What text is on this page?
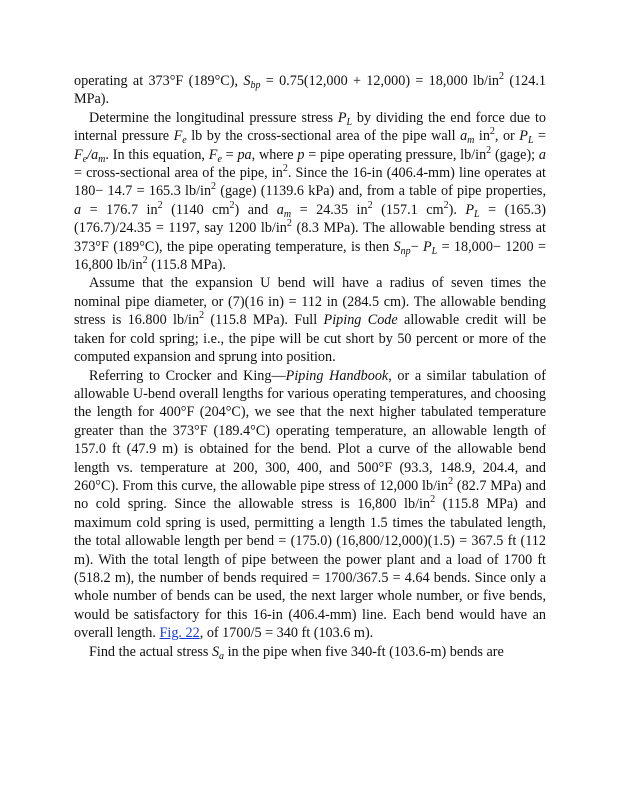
operating at 373°F (189°C), $S_{bp} = 0.75(12,000 + 12,000) = 18,000$ $lb/in^2$ (124.1 MPa).

Determine the longitudinal pressure stress $P_L$ by dividing the end force due to internal pressure $F_e$ lb by the cross-sectional area of the pipe wall $a_m$ $in^2$, or $P_L = F_e/a_m$. In this equation, $F_e$ = pa, where p = pipe operating pressure, $lb/in^2$ (gage); a = cross-sectional area of the pipe, $in^2$. Since the 16-in (406.4-mm) line operates at 180− 14.7 = 165.3 $lb/in^2$ (gage) (1139.6 kPa) and, from a table of pipe properties, a = 176.7 $in^2$ (1140 $cm^2$) and $a_m = 24.35$ $in^2$ (157.1 $cm^2$). $P_L = (165.3)(176.7)/24.35 = 1197$, say 1200 $lb/in^2$ (8.3 MPa). The allowable bending stress at 373°F (189°C), the pipe operating temperature, is then $S_{np}- P_L = 18,000- 1200 = 16,800$ $lb/in^2$ (115.8 MPa).

Assume that the expansion U bend will have a radius of seven times the nominal pipe diameter, or (7)(16 in) = 112 in (284.5 cm). The allowable bending stress is 16.800 $lb/in^2$ (115.8 MPa). Full Piping Code allowable credit will be taken for cold spring; i.e., the pipe will be cut short by 50 percent or more of the computed expansion and sprung into position.

Referring to Crocker and King—Piping Handbook, or a similar tabulation of allowable U-bend overall lengths for various operating temperatures, and choosing the length for 400°F (204°C), we see that the next higher tabulated temperature greater than the 373°F (189.4°C) operating temperature, an allowable length of 157.0 ft (47.9 m) is obtained for the bend. Plot a curve of the allowable bend length vs. temperature at 200, 300, 400, and 500°F (93.3, 148.9, 204.4, and 260°C). From this curve, the allowable pipe stress of 12,000 $lb/in^2$ (82.7 MPa) and no cold spring. Since the allowable stress is 16,800 $lb/in^2$ (115.8 MPa) and maximum cold spring is used, permitting a length 1.5 times the tabulated length, the total allowable length per bend = (175.0) (16,800/12,000)(1.5) = 367.5 ft (112 m). With the total length of pipe between the power plant and a load of 1700 ft (518.2 m), the number of bends required = 1700/367.5 = 4.64 bends. Since only a whole number of bends can be used, the next larger whole number, or five bends, would be satisfactory for this 16-in (406.4-mm) line. Each bend would have an overall length. Fig. 22, of 1700/5 = 340 ft (103.6 m).

Find the actual stress $S_a$ in the pipe when five 340-ft (103.6-m) bends are
